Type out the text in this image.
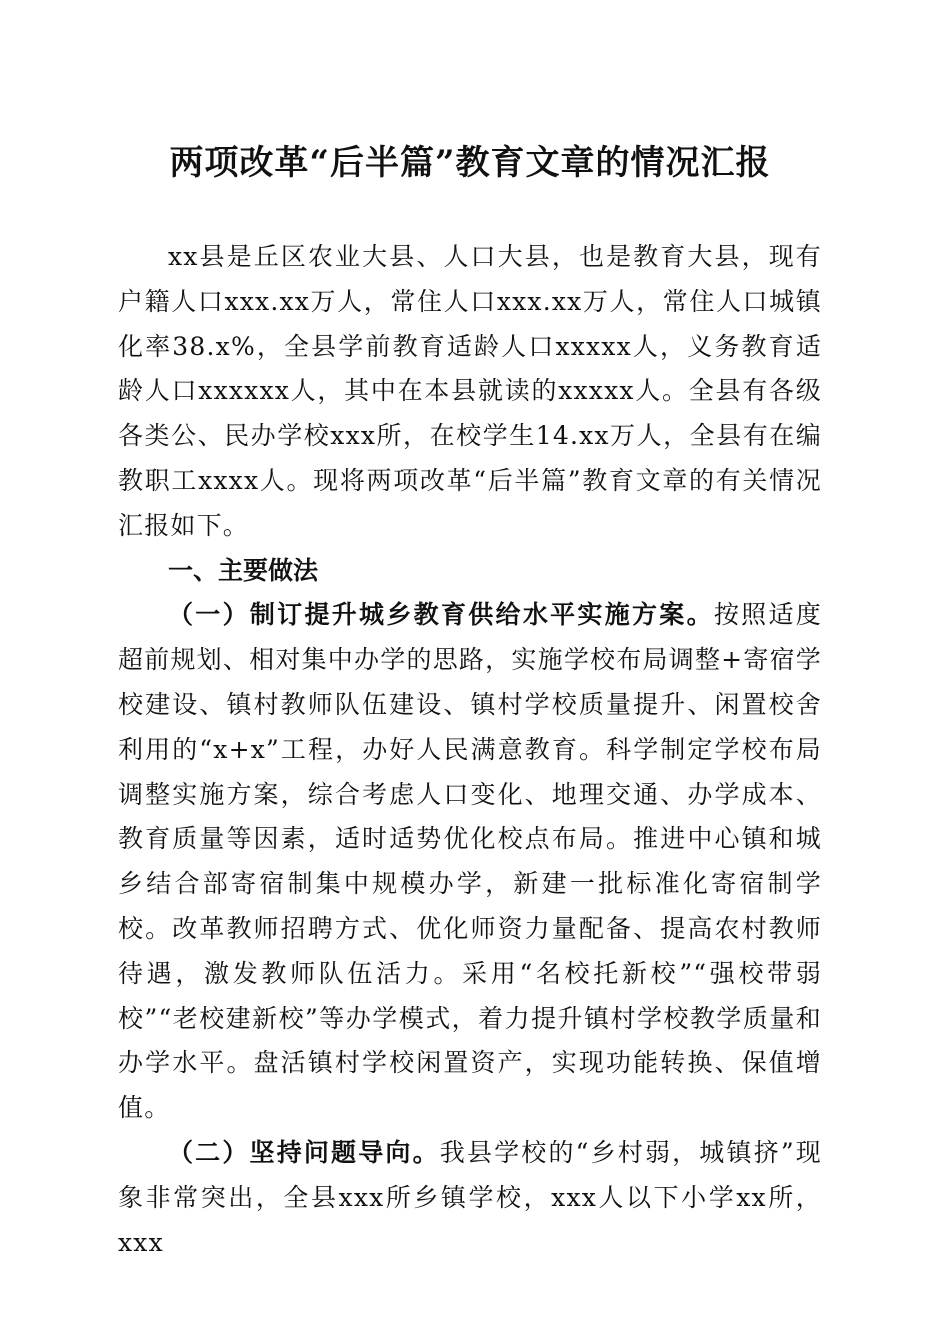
两项改革“后半篇”教育文章的情况汇报

xx县是丘区农业大县、人口大县，也是教育大县，现有户籍人口xxx.xx万人，常住人口xxx.xx万人，常住人口城镇化率38.x%，全县学前教育适龄人口xxxxx人，义务教育适龄人口xxxxxx人，其中在本县就读的xxxxx人。全县有各级各类公、民办学校xxx所，在校学生14.xx万人，全县有在编教职工xxxx人。现将两项改革“后半篇”教育文章的有关情况汇报如下。

一、主要做法

（一）制订提升城乡教育供给水平实施方案。按照适度超前规划、相对集中办学的思路，实施学校布局调整+寄宿学校建设、镇村教师队伍建设、镇村学校质量提升、闲置校舍利用的“x+x”工程，办好人民满意教育。科学制定学校布局调整实施方案，综合考虑人口变化、地理交通、办学成本、教育质量等因素，适时适势优化校点布局。推进中心镇和城乡结合部寄宿制集中规模办学，新建一批标准化寄宿制学校。改革教师招聘方式、优化师资力量配备、提高农村教师待遇，激发教师队伍活力。采用“名校托新校”“强校带弱校”“老校建新校”等办学模式，着力提升镇村学校教学质量和办学水平。盘活镇村学校闲置资产，实现功能转换、保值增值。

（二）坚持问题导向。我县学校的“乡村弱，城镇挤”现象非常突出，全县xxx所乡镇学校，xxx人以下小学xx所，xxx
